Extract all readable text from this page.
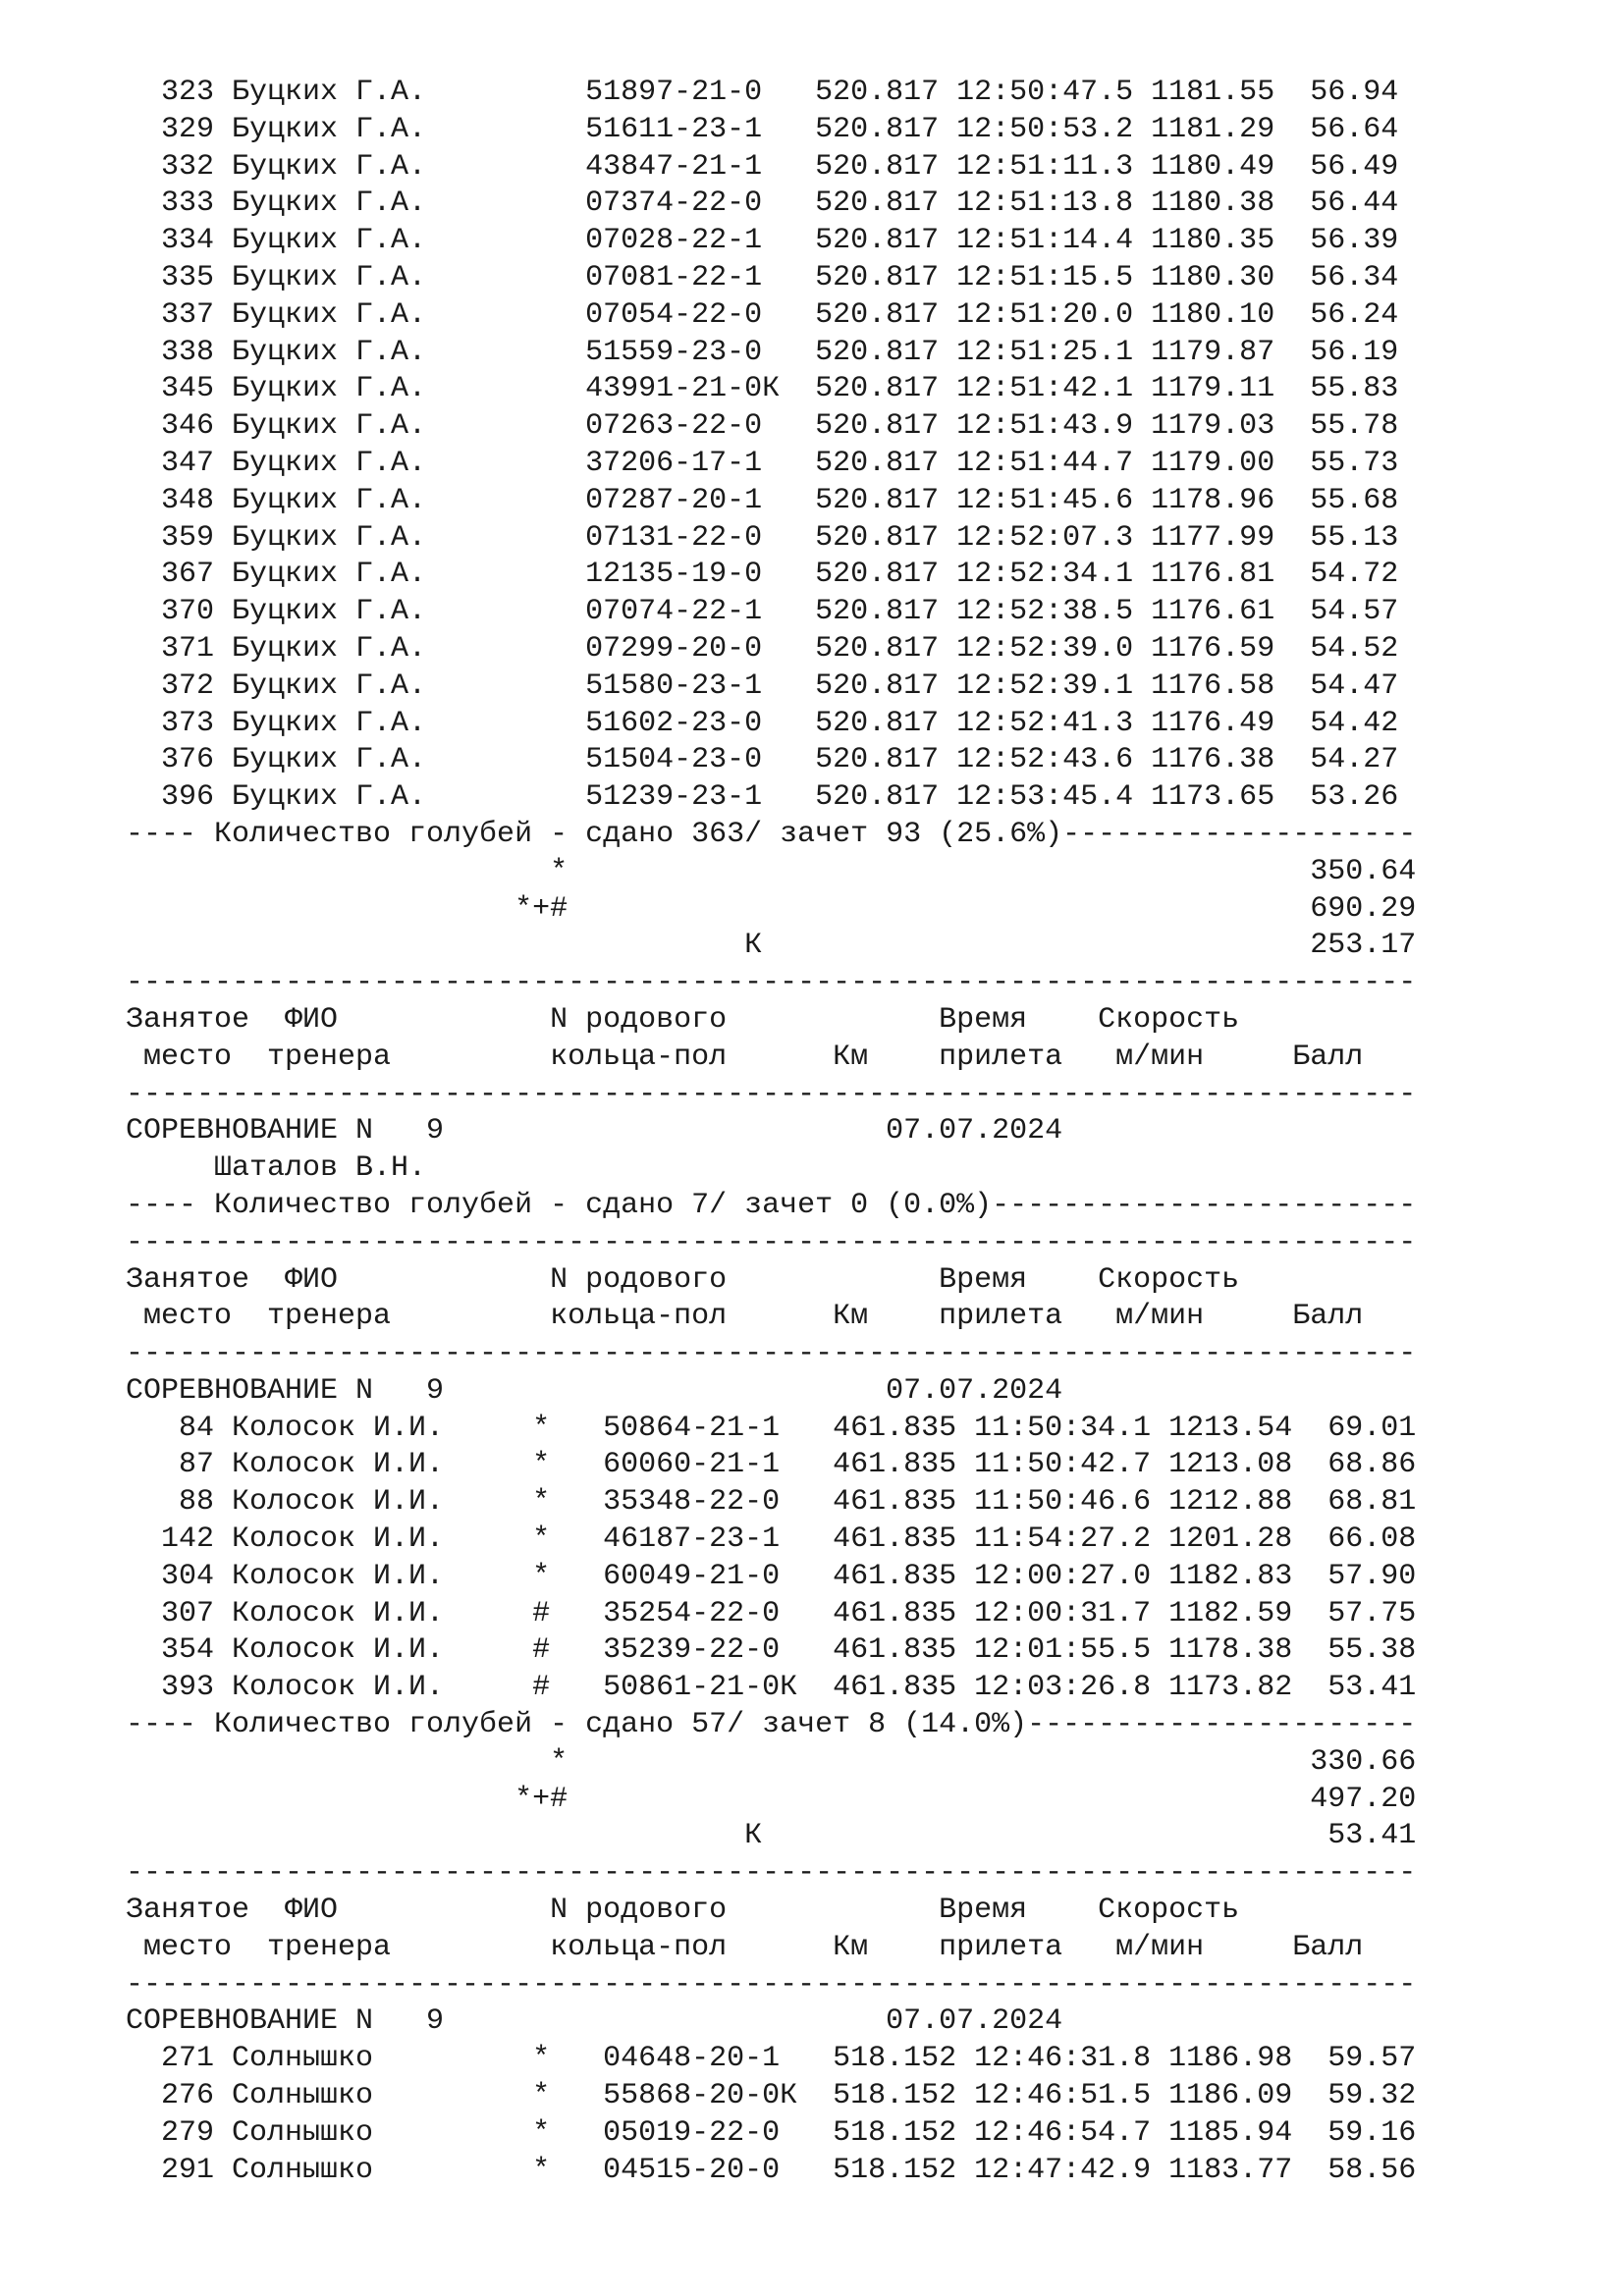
323 Буцких Г.А.         51897-21-0   520.817 12:50:47.5 1181.55  56.94
329 Буцких Г.А.         51611-23-1   520.817 12:50:53.2 1181.29  56.64
332 Буцких Г.А.         43847-21-1   520.817 12:51:11.3 1180.49  56.49
333 Буцких Г.А.         07374-22-0   520.817 12:51:13.8 1180.38  56.44
334 Буцких Г.А.         07028-22-1   520.817 12:51:14.4 1180.35  56.39
335 Буцких Г.А.         07081-22-1   520.817 12:51:15.5 1180.30  56.34
337 Буцких Г.А.         07054-22-0   520.817 12:51:20.0 1180.10  56.24
338 Буцких Г.А.         51559-23-0   520.817 12:51:25.1 1179.87  56.19
345 Буцких Г.А.         43991-21-0К  520.817 12:51:42.1 1179.11  55.83
346 Буцких Г.А.         07263-22-0   520.817 12:51:43.9 1179.03  55.78
347 Буцких Г.А.         37206-17-1   520.817 12:51:44.7 1179.00  55.73
348 Буцких Г.А.         07287-20-1   520.817 12:51:45.6 1178.96  55.68
359 Буцких Г.А.         07131-22-0   520.817 12:52:07.3 1177.99  55.13
367 Буцких Г.А.         12135-19-0   520.817 12:52:34.1 1176.81  54.72
370 Буцких Г.А.         07074-22-1   520.817 12:52:38.5 1176.61  54.57
371 Буцких Г.А.         07299-20-0   520.817 12:52:39.0 1176.59  54.52
372 Буцких Г.А.         51580-23-1   520.817 12:52:39.1 1176.58  54.47
373 Буцких Г.А.         51602-23-0   520.817 12:52:41.3 1176.49  54.42
376 Буцких Г.А.         51504-23-0   520.817 12:52:43.6 1176.38  54.27
396 Буцких Г.А.         51239-23-1   520.817 12:53:45.4 1173.65  53.26
---- Количество голубей - сдано 363/ зачет 93 (25.6%)--------------------
*                                          350.64
*+#                                          690.29
К                               253.17
-------------------------------------------------------------------------
Занятое  ФИО            N родового            Время    Скорость
место  тренера         кольца-пол      Км    прилета   м/мин     Балл
-------------------------------------------------------------------------
СОРЕВНОВАНИЕ N   9                         07.07.2024
Шаталов В.Н.
---- Количество голубей - сдано 7/ зачет 0 (0.0%)------------------------
-------------------------------------------------------------------------
Занятое  ФИО            N родового            Время    Скорость
место  тренера         кольца-пол      Км    прилета   м/мин     Балл
-------------------------------------------------------------------------
СОРЕВНОВАНИЕ N   9                         07.07.2024
84 Колосок И.И.     *   50864-21-1   461.835 11:50:34.1 1213.54  69.01
87 Колосок И.И.     *   60060-21-1   461.835 11:50:42.7 1213.08  68.86
88 Колосок И.И.     *   35348-22-0   461.835 11:50:46.6 1212.88  68.81
142 Колосок И.И.     *   46187-23-1   461.835 11:54:27.2 1201.28  66.08
304 Колосок И.И.     *   60049-21-0   461.835 12:00:27.0 1182.83  57.90
307 Колосок И.И.     #   35254-22-0   461.835 12:00:31.7 1182.59  57.75
354 Колосок И.И.     #   35239-22-0   461.835 12:01:55.5 1178.38  55.38
393 Колосок И.И.     #   50861-21-0К  461.835 12:03:26.8 1173.82  53.41
---- Количество голубей - сдано 57/ зачет 8 (14.0%)----------------------
*                                          330.66
*+#                                          497.20
К                                53.41
-------------------------------------------------------------------------
Занятое  ФИО            N родового            Время    Скорость
место  тренера         кольца-пол      Км    прилета   м/мин     Балл
-------------------------------------------------------------------------
СОРЕВНОВАНИЕ N   9                         07.07.2024
271 Солнышко         *   04648-20-1   518.152 12:46:31.8 1186.98  59.57
276 Солнышко         *   55868-20-0К  518.152 12:46:51.5 1186.09  59.32
279 Солнышко         *   05019-22-0   518.152 12:46:54.7 1185.94  59.16
291 Солнышко         *   04515-20-0   518.152 12:47:42.9 1183.77  58.56
